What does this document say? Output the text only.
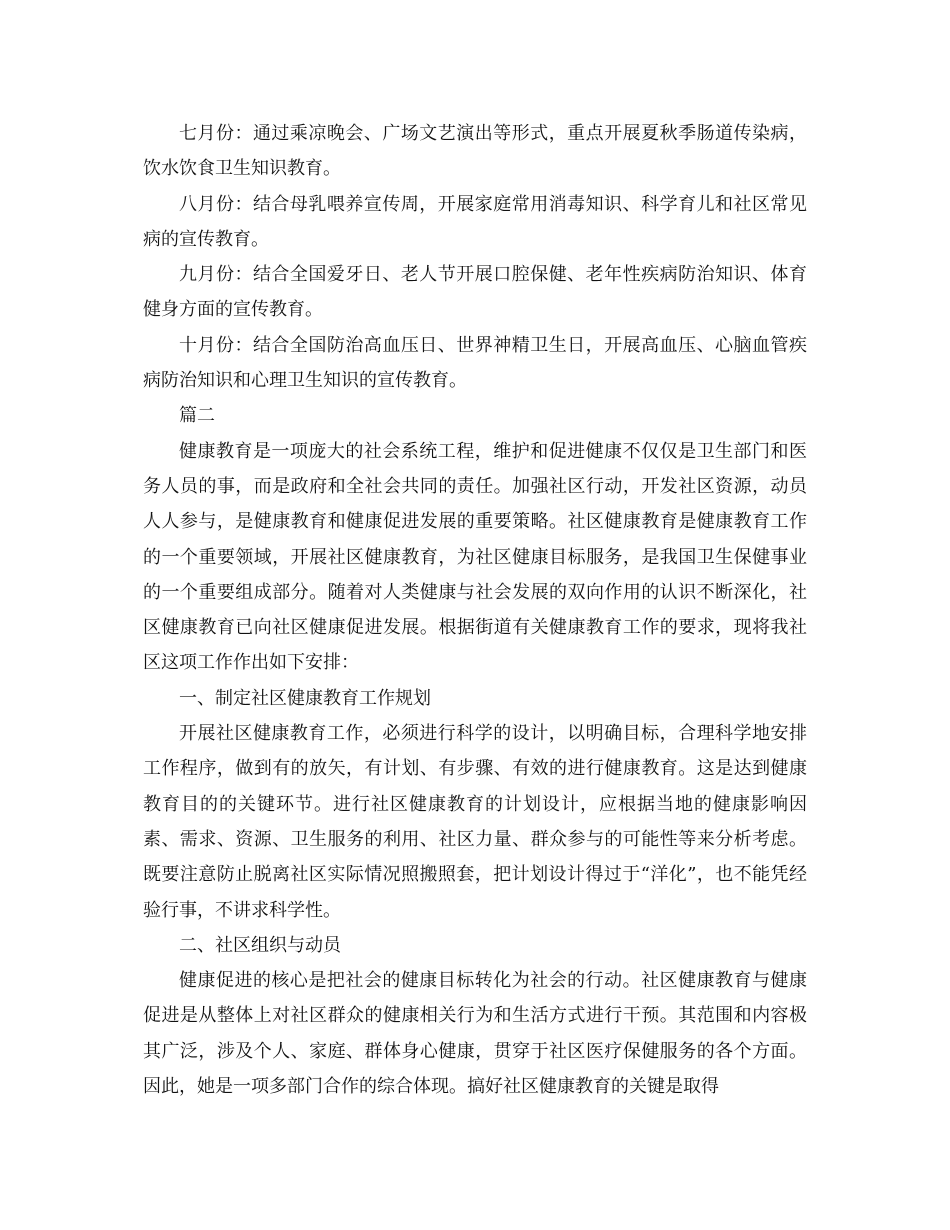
七月份：通过乘凉晚会、广场文艺演出等形式，重点开展夏秋季肠道传染病，饮水饮食卫生知识教育。

八月份：结合母乳喂养宣传周，开展家庭常用消毒知识、科学育儿和社区常见病的宣传教育。

九月份：结合全国爱牙日、老人节开展口腔保健、老年性疾病防治知识、体育健身方面的宣传教育。

十月份：结合全国防治高血压日、世界神精卫生日，开展高血压、心脑血管疾病防治知识和心理卫生知识的宣传教育。

篇二

健康教育是一项庞大的社会系统工程，维护和促进健康不仅仅是卫生部门和医务人员的事，而是政府和全社会共同的责任。加强社区行动，开发社区资源，动员人人参与，是健康教育和健康促进发展的重要策略。社区健康教育是健康教育工作的一个重要领域，开展社区健康教育，为社区健康目标服务，是我国卫生保健事业的一个重要组成部分。随着对人类健康与社会发展的双向作用的认识不断深化，社区健康教育已向社区健康促进发展。根据街道有关健康教育工作的要求，现将我社区这项工作作出如下安排：

一、制定社区健康教育工作规划

开展社区健康教育工作，必须进行科学的设计，以明确目标，合理科学地安排工作程序，做到有的放矢，有计划、有步骤、有效的进行健康教育。这是达到健康教育目的的关键环节。进行社区健康教育的计划设计，应根据当地的健康影响因素、需求、资源、卫生服务的利用、社区力量、群众参与的可能性等来分析考虑。既要注意防止脱离社区实际情况照搬照套，把计划设计得过于“洋化”，也不能凭经验行事，不讲求科学性。

二、社区组织与动员

健康促进的核心是把社会的健康目标转化为社会的行动。社区健康教育与健康促进是从整体上对社区群众的健康相关行为和生活方式进行干预。其范围和内容极其广泛，涉及个人、家庭、群体身心健康，贯穿于社区医疗保健服务的各个方面。因此，她是一项多部门合作的综合体现。搞好社区健康教育的关键是取得
